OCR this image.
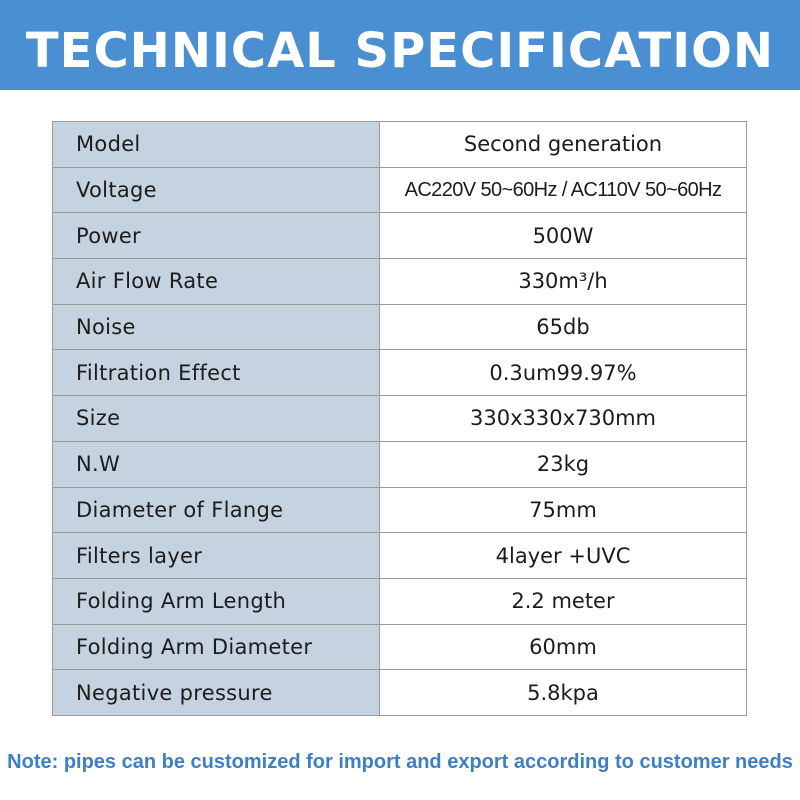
TECHNICAL SPECIFICATION
Model	Second generation
Voltage	AC220V 50~60Hz / AC110V 50~60Hz
Power	500W
Air Flow Rate	330m³/h
Noise	65db
Filtration Effect	0.3um99.97%
Size	330x330x730mm
N.W	23kg
Diameter of Flange	75mm
Filters layer	4layer +UVC
Folding Arm Length	2.2 meter
Folding Arm Diameter	60mm
Negative pressure	5.8kpa
Note: pipes can be customized for import and export according to customer needs
